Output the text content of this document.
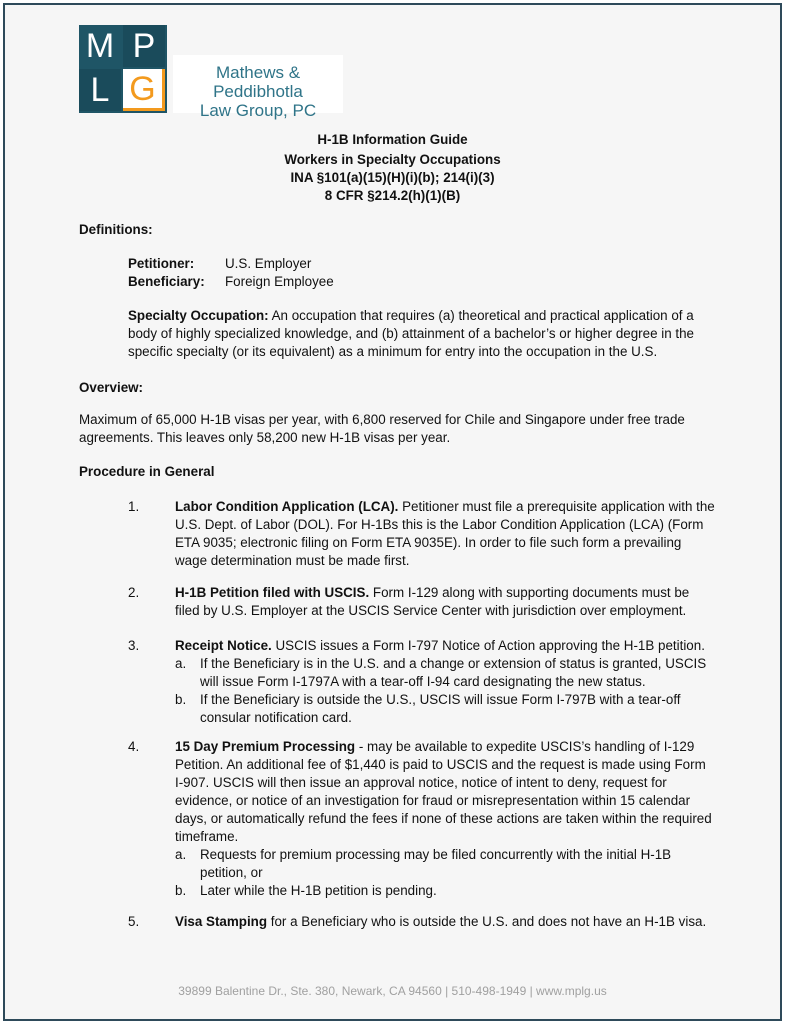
M P
L G	Mathews & Peddibhotla
Law Group, PC
H-1B Information Guide
Workers in Specialty Occupations
INA §101(a)(15)(H)(i)(b); 214(i)(3)
8 CFR §214.2(h)(1)(B)
Definitions:
Petitioner: U.S. Employer
Beneficiary: Foreign Employee
Specialty Occupation: An occupation that requires (a) theoretical and practical application of a body of highly specialized knowledge, and (b) attainment of a bachelor’s or higher degree in the specific specialty (or its equivalent) as a minimum for entry into the occupation in the U.S.
Overview:
Maximum of 65,000 H-1B visas per year, with 6,800 reserved for Chile and Singapore under free trade agreements. This leaves only 58,200 new H-1B visas per year.
Procedure in General
1.	Labor Condition Application (LCA). Petitioner must file a prerequisite application with the U.S. Dept. of Labor (DOL). For H-1Bs this is the Labor Condition Application (LCA) (Form ETA 9035; electronic filing on Form ETA 9035E). In order to file such form a prevailing wage determination must be made first.
2.	H-1B Petition filed with USCIS. Form I-129 along with supporting documents must be filed by U.S. Employer at the USCIS Service Center with jurisdiction over employment.
3.	Receipt Notice. USCIS issues a Form I-797 Notice of Action approving the H-1B petition.
a.	If the Beneficiary is in the U.S. and a change or extension of status is granted, USCIS will issue Form I-1797A with a tear-off I-94 card designating the new status.
b.	If the Beneficiary is outside the U.S., USCIS will issue Form I-797B with a tear-off consular notification card.
4.	15 Day Premium Processing - may be available to expedite USCIS’s handling of I-129 Petition. An additional fee of $1,440 is paid to USCIS and the request is made using Form I-907. USCIS will then issue an approval notice, notice of intent to deny, request for evidence, or notice of an investigation for fraud or misrepresentation within 15 calendar days, or automatically refund the fees if none of these actions are taken within the required timeframe.
a.	Requests for premium processing may be filed concurrently with the initial H-1B petition, or
b.	Later while the H-1B petition is pending.
5.	Visa Stamping for a Beneficiary who is outside the U.S. and does not have an H-1B visa.
39899 Balentine Dr., Ste. 380, Newark, CA 94560 | 510-498-1949 | www.mplg.us
